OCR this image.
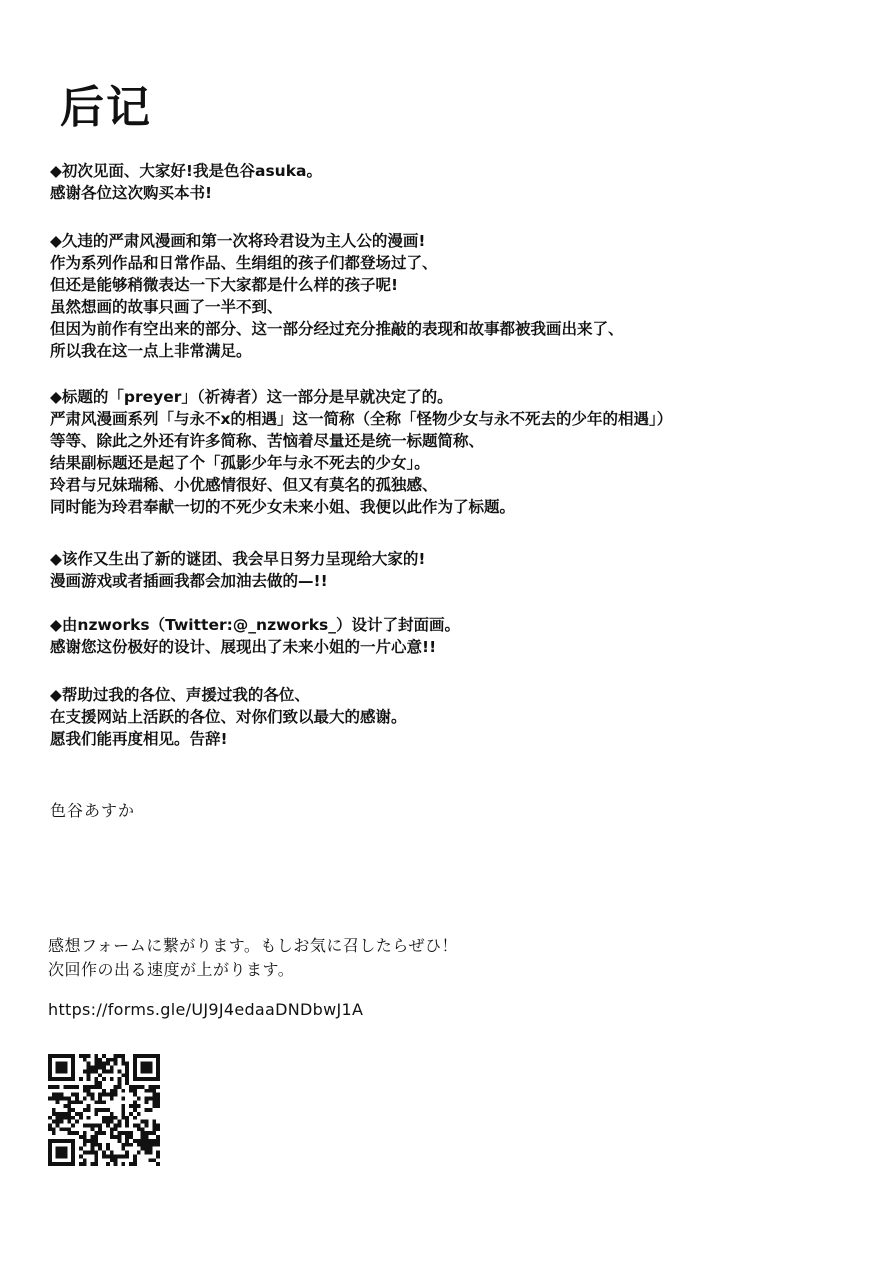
后记
◆初次见面、大家好!我是色谷asuka。
感谢各位这次购买本书!
◆久违的严肃风漫画和第一次将玲君设为主人公的漫画!
作为系列作品和日常作品、生绢组的孩子们都登场过了、
但还是能够稍微表达一下大家都是什么样的孩子呢!
虽然想画的故事只画了一半不到、
但因为前作有空出来的部分、这一部分经过充分推敲的表现和故事都被我画出来了、
所以我在这一点上非常满足。
◆标题的「preyer」（祈祷者）这一部分是早就决定了的。
严肃风漫画系列「与永不x的相遇」这一简称（全称「怪物少女与永不死去的少年的相遇」）
等等、除此之外还有许多简称、苦恼着尽量还是统一标题简称、
结果副标题还是起了个「孤影少年与永不死去的少女」。
玲君与兄妹瑞稀、小优感情很好、但又有莫名的孤独感、
同时能为玲君奉献一切的不死少女未来小姐、我便以此作为了标题。
◆该作又生出了新的谜团、我会早日努力呈现给大家的!
漫画游戏或者插画我都会加油去做的—!!
◆由nzworks（Twitter:@_nzworks_）设计了封面画。
感谢您这份极好的设计、展现出了未来小姐的一片心意!!
◆帮助过我的各位、声援过我的各位、
在支援网站上活跃的各位、对你们致以最大的感谢。
愿我们能再度相见。告辞!
色谷あすか
感想フォームに繋がります。もしお気に召したらぜひ！
次回作の出る速度が上がります。
https://forms.gle/UJ9J4edaaDNDbwJ1A
